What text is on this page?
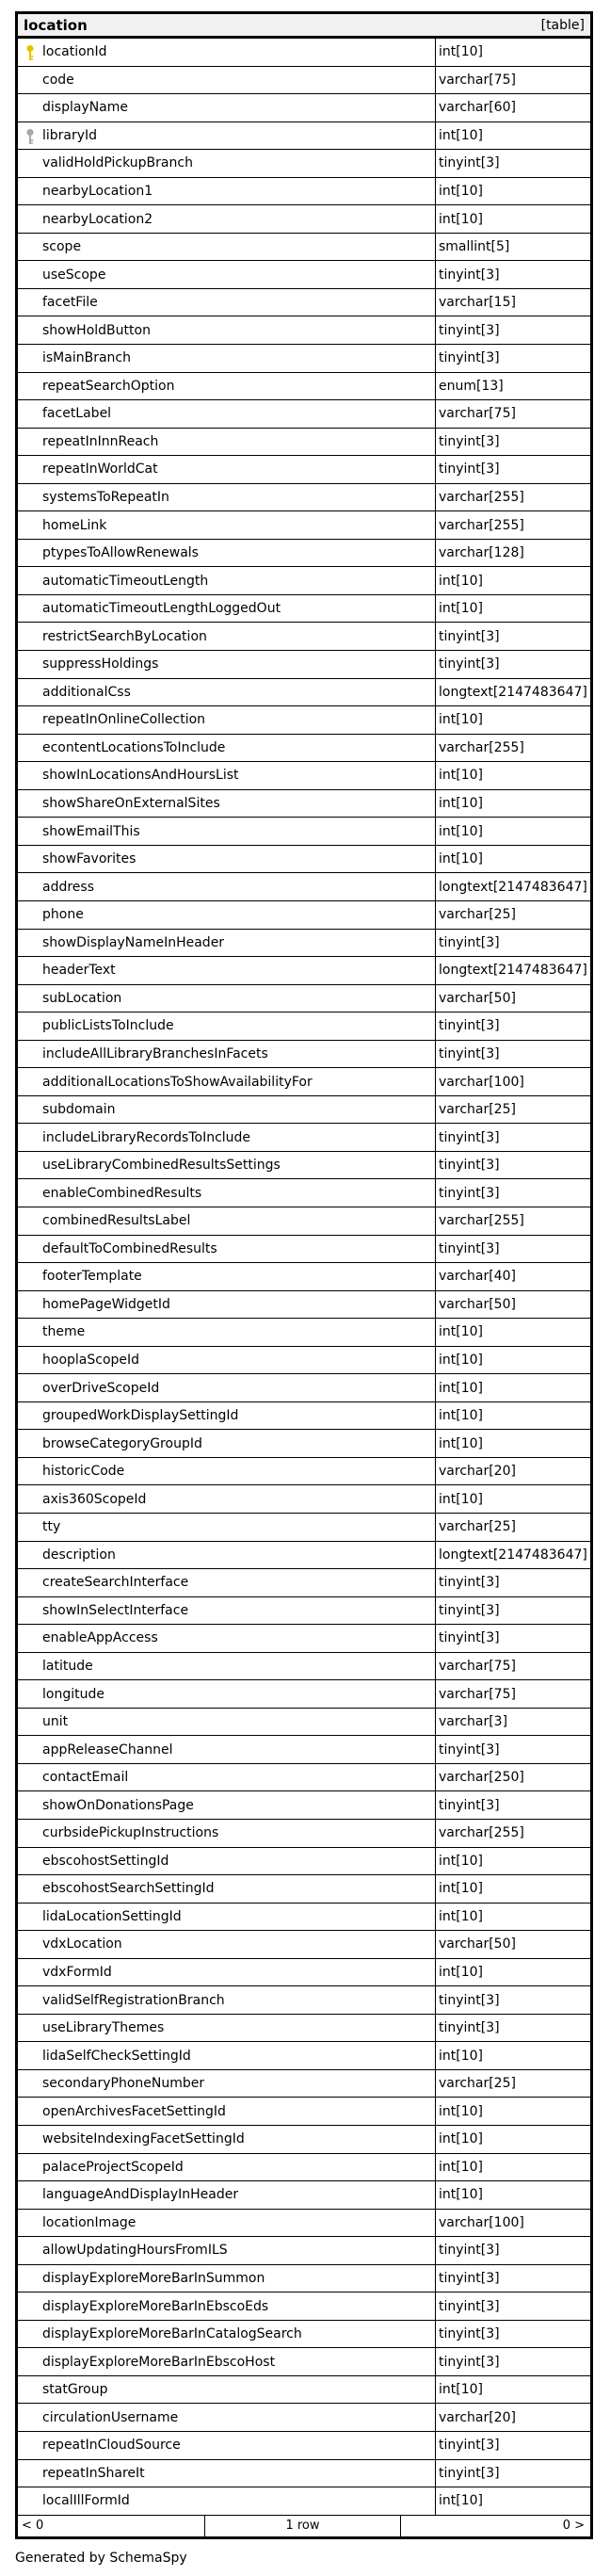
location	[table]
locationId	int[10]
code	varchar[75]
displayName	varchar[60]
libraryId	int[10]
validHoldPickupBranch	tinyint[3]
nearbyLocation1	int[10]
nearbyLocation2	int[10]
scope	smallint[5]
useScope	tinyint[3]
facetFile	varchar[15]
showHoldButton	tinyint[3]
isMainBranch	tinyint[3]
repeatSearchOption	enum[13]
facetLabel	varchar[75]
repeatInInnReach	tinyint[3]
repeatInWorldCat	tinyint[3]
systemsToRepeatIn	varchar[255]
homeLink	varchar[255]
ptypesToAllowRenewals	varchar[128]
automaticTimeoutLength	int[10]
automaticTimeoutLengthLoggedOut	int[10]
restrictSearchByLocation	tinyint[3]
suppressHoldings	tinyint[3]
additionalCss	longtext[2147483647]
repeatInOnlineCollection	int[10]
econtentLocationsToInclude	varchar[255]
showInLocationsAndHoursList	int[10]
showShareOnExternalSites	int[10]
showEmailThis	int[10]
showFavorites	int[10]
address	longtext[2147483647]
phone	varchar[25]
showDisplayNameInHeader	tinyint[3]
headerText	longtext[2147483647]
subLocation	varchar[50]
publicListsToInclude	tinyint[3]
includeAllLibraryBranchesInFacets	tinyint[3]
additionalLocationsToShowAvailabilityFor	varchar[100]
subdomain	varchar[25]
includeLibraryRecordsToInclude	tinyint[3]
useLibraryCombinedResultsSettings	tinyint[3]
enableCombinedResults	tinyint[3]
combinedResultsLabel	varchar[255]
defaultToCombinedResults	tinyint[3]
footerTemplate	varchar[40]
homePageWidgetId	varchar[50]
theme	int[10]
hooplaScopeId	int[10]
overDriveScopeId	int[10]
groupedWorkDisplaySettingId	int[10]
browseCategoryGroupId	int[10]
historicCode	varchar[20]
axis360ScopeId	int[10]
tty	varchar[25]
description	longtext[2147483647]
createSearchInterface	tinyint[3]
showInSelectInterface	tinyint[3]
enableAppAccess	tinyint[3]
latitude	varchar[75]
longitude	varchar[75]
unit	varchar[3]
appReleaseChannel	tinyint[3]
contactEmail	varchar[250]
showOnDonationsPage	tinyint[3]
curbsidePickupInstructions	varchar[255]
ebscohostSettingId	int[10]
ebscohostSearchSettingId	int[10]
lidaLocationSettingId	int[10]
vdxLocation	varchar[50]
vdxFormId	int[10]
validSelfRegistrationBranch	tinyint[3]
useLibraryThemes	tinyint[3]
lidaSelfCheckSettingId	int[10]
secondaryPhoneNumber	varchar[25]
openArchivesFacetSettingId	int[10]
websiteIndexingFacetSettingId	int[10]
palaceProjectScopeId	int[10]
languageAndDisplayInHeader	int[10]
locationImage	varchar[100]
allowUpdatingHoursFromILS	tinyint[3]
displayExploreMoreBarInSummon	tinyint[3]
displayExploreMoreBarInEbscoEds	tinyint[3]
displayExploreMoreBarInCatalogSearch	tinyint[3]
displayExploreMoreBarInEbscoHost	tinyint[3]
statGroup	int[10]
circulationUsername	varchar[20]
repeatInCloudSource	tinyint[3]
repeatInShareIt	tinyint[3]
localIllFormId	int[10]
< 0	1 row	0 >
Generated by SchemaSpy
